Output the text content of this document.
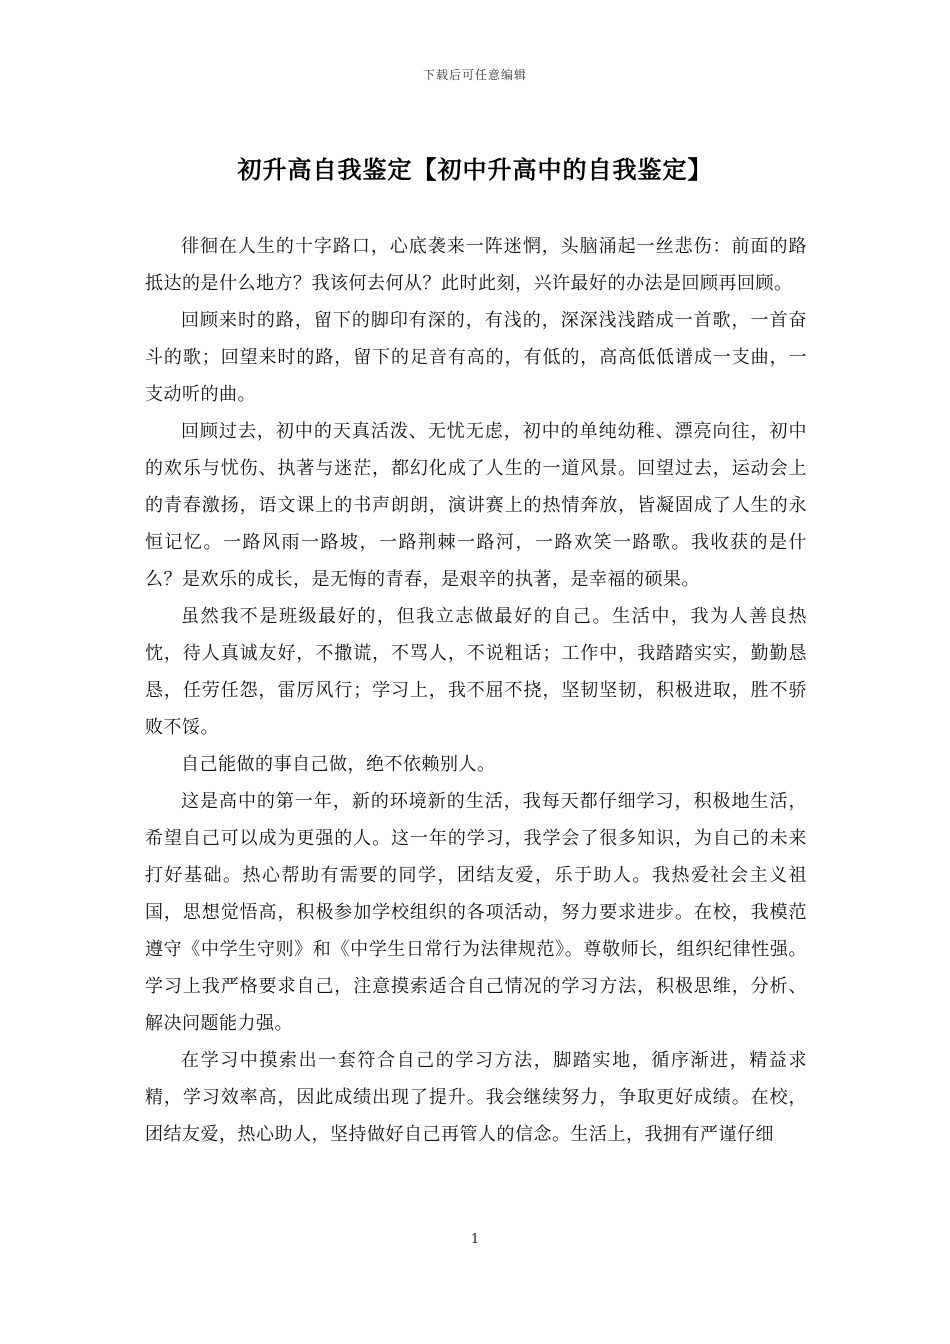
下载后可任意编辑
初升高自我鉴定【初中升高中的自我鉴定】

徘徊在人生的十字路口，心底袭来一阵迷惘，头脑涌起一丝悲伤：前面的路抵达的是什么地方？我该何去何从？此时此刻，兴许最好的办法是回顾再回顾。

回顾来时的路，留下的脚印有深的，有浅的，深深浅浅踏成一首歌，一首奋斗的歌；回望来时的路，留下的足音有高的，有低的，高高低低谱成一支曲，一支动听的曲。

回顾过去，初中的天真活泼、无忧无虑，初中的单纯幼稚、漂亮向往，初中的欢乐与忧伤、执著与迷茫，都幻化成了人生的一道风景。回望过去，运动会上的青春激扬，语文课上的书声朗朗，演讲赛上的热情奔放，皆凝固成了人生的永恒记忆。一路风雨一路坡，一路荆棘一路河，一路欢笑一路歌。我收获的是什么？是欢乐的成长，是无悔的青春，是艰辛的执著，是幸福的硕果。

虽然我不是班级最好的，但我立志做最好的自己。生活中，我为人善良热忱，待人真诚友好，不撒谎，不骂人，不说粗话；工作中，我踏踏实实，勤勤恳恳，任劳任怨，雷厉风行；学习上，我不屈不挠，坚韧坚韧，积极进取，胜不骄败不馁。

自己能做的事自己做，绝不依赖别人。

这是高中的第一年，新的环境新的生活，我每天都仔细学习，积极地生活，希望自己可以成为更强的人。这一年的学习，我学会了很多知识，为自己的未来打好基础。热心帮助有需要的同学，团结友爱，乐于助人。我热爱社会主义祖国，思想觉悟高，积极参加学校组织的各项活动，努力要求进步。在校，我模范遵守《中学生守则》和《中学生日常行为法律规范》。尊敬师长，组织纪律性强。学习上我严格要求自己，注意摸索适合自己情况的学习方法，积极思维，分析、解决问题能力强。

在学习中摸索出一套符合自己的学习方法，脚踏实地，循序渐进，精益求精，学习效率高，因此成绩出现了提升。我会继续努力，争取更好成绩。在校，团结友爱，热心助人，坚持做好自己再管人的信念。生活上，我拥有严谨仔细

1
